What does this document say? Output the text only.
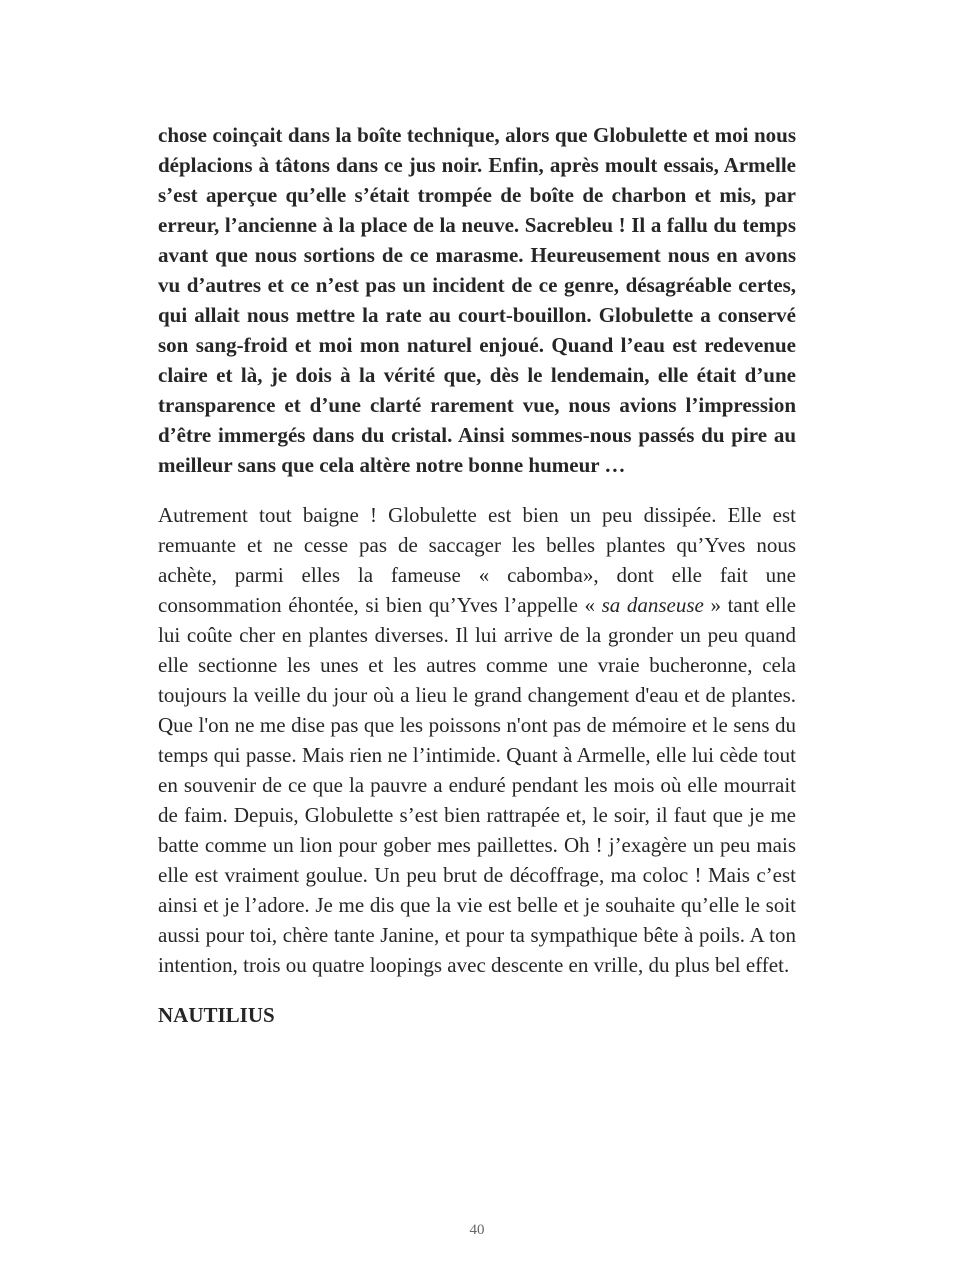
chose coinçait dans la boîte technique, alors que Globulette et moi nous déplacions à tâtons dans ce jus noir. Enfin, après moult essais, Armelle s’est aperçue qu’elle s’était trompée de boîte de charbon et mis, par erreur, l’ancienne à la place de la neuve. Sacrebleu ! Il a fallu du temps avant que nous sortions de ce marasme. Heureusement nous en avons vu d’autres et ce n’est pas un incident de ce genre, désagréable certes, qui allait nous mettre la rate au court-bouillon. Globulette a conservé son sang-froid et moi mon naturel enjoué. Quand l’eau est redevenue claire et là, je dois à la vérité que, dès le lendemain, elle était d’une transparence et d’une clarté rarement vue, nous avions l’impression d’être immergés dans du cristal. Ainsi sommes-nous passés du pire au meilleur sans que cela altère notre bonne humeur …

Autrement tout baigne ! Globulette est bien un peu dissipée. Elle est remuante et ne cesse pas de saccager les belles plantes qu’Yves nous achète, parmi elles la fameuse « cabomba», dont elle fait une consommation éhontée, si bien qu’Yves l’appelle « sa danseuse » tant elle lui coûte cher en plantes diverses. Il lui arrive de la gronder un peu quand elle sectionne les unes et les autres comme une vraie bucheronne, cela toujours la veille du jour où a lieu le grand changement d'eau et de plantes. Que l'on ne me dise pas que les poissons n'ont pas de mémoire et le sens du temps qui passe. Mais rien ne l’intimide. Quant à Armelle, elle lui cède tout en souvenir de ce que la pauvre a enduré pendant les mois où elle mourrait de faim. Depuis, Globulette s’est bien rattrapée et, le soir, il faut que je me batte comme un lion pour gober mes paillettes. Oh ! j’exagère un peu mais elle est vraiment goulue. Un peu brut de décoffrage, ma coloc ! Mais c’est ainsi et je l’adore. Je me dis que la vie est belle et je souhaite qu’elle le soit aussi pour toi, chère tante Janine, et pour ta sympathique bête à poils. A ton intention, trois ou quatre loopings avec descente en vrille, du plus bel effet.

NAUTILIUS

40
